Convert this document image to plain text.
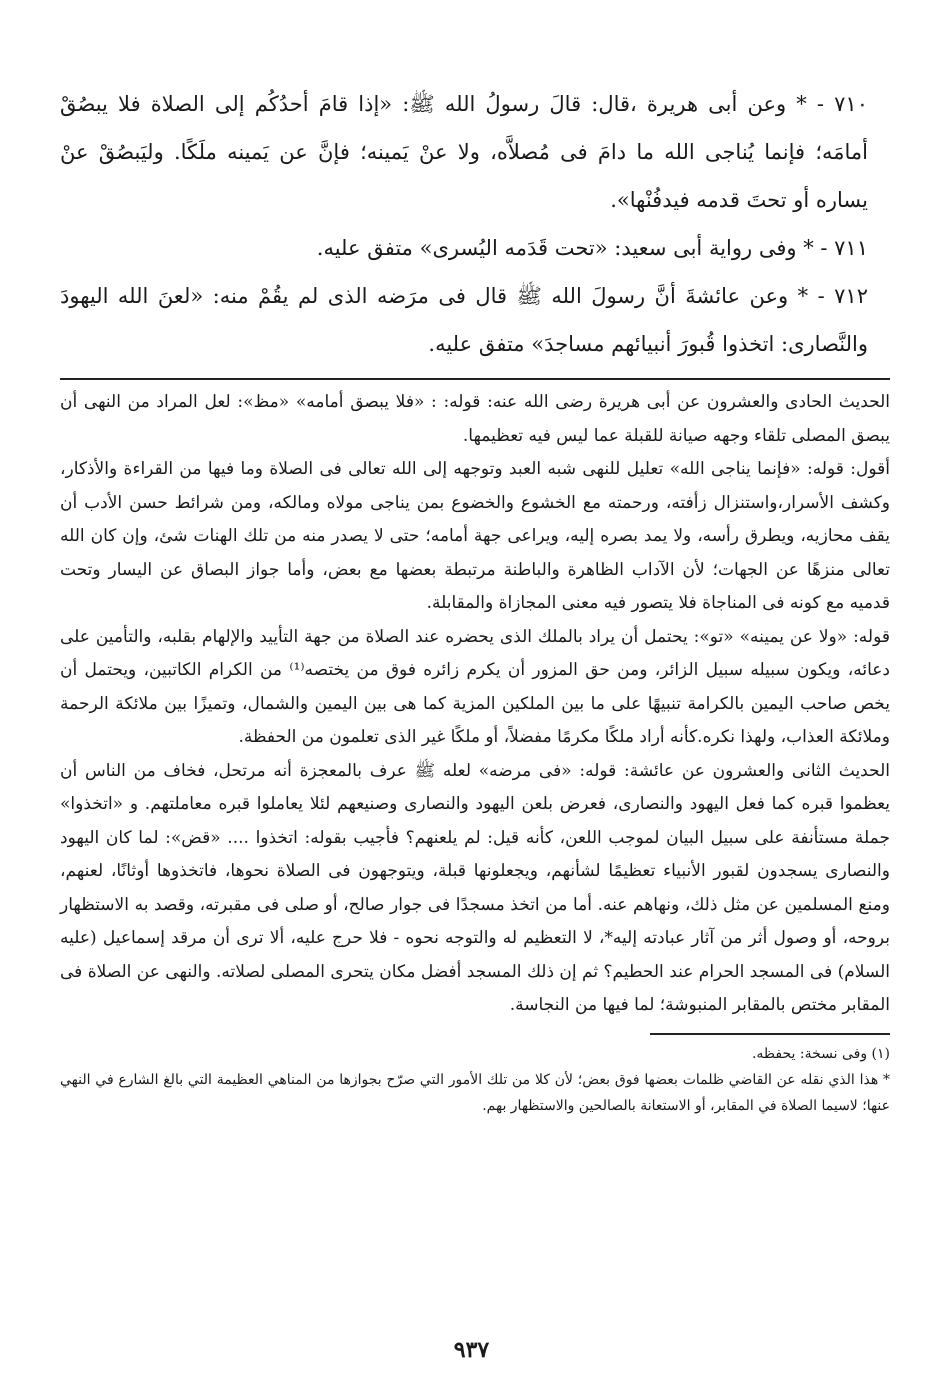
٧١٠ - * وعن أبى هريرة ،قال: قالَ رسولُ الله ﷺ: «إذا قامَ أحدُكُم إلى الصلاة فلا يبصُقْ أمامَه؛ فإنما يُناجى الله ما دامَ فى مُصلاَّه، ولا عنْ يَمينه؛ فإنَّ عن يَمينه ملَكًا. وليَبصُقْ عنْ يساره أو تحتَ قدمه فيدفُنْها».

٧١١ - * وفى رواية أبى سعيد: «تحت قَدَمه اليُسرى» متفق عليه.

٧١٢ - * وعن عائشةَ أنَّ رسولَ الله ﷺ قال فى مرَضه الذى لم يقُمْ منه: «لعنَ الله اليهودَ والنَّصارى: اتخذوا قُبورَ أنبيائهم مساجدَ» متفق عليه.

الحديث الحادى والعشرون عن أبى هريرة رضى الله عنه: قوله: : «فلا يبصق أمامه» «مظ»: لعل المراد من النهى أن يبصق المصلى تلقاء وجهه صيانة للقبلة عما ليس فيه تعظيمها.

أقول: قوله: «فإنما يناجى الله» تعليل للنهى شبه العبد وتوجهه إلى الله تعالى فى الصلاة وما فيها من القراءة والأذكار، وكشف الأسرار،واستنزال زأفته، ورحمته مع الخشوع والخضوع بمن يناجى مولاه ومالكه، ومن شرائط حسن الأدب أن يقف محازيه، ويطرق رأسه، ولا يمد بصره إليه، ويراعى جهة أمامه؛ حتى لا يصدر منه من تلك الهنات شئ، وإن كان الله تعالى منزهًا عن الجهات؛ لأن الآداب الظاهرة والباطنة مرتبطة بعضها مع بعض، وأما جواز البصاق عن اليسار وتحت قدميه مع كونه فى المناجاة فلا يتصور فيه معنى المجازاة والمقابلة.

قوله: «ولا عن يمينه» «تو»: يحتمل أن يراد بالملك الذى يحضره عند الصلاة من جهة التأييد والإلهام بقلبه، والتأمين على دعائه، ويكون سبيله سبيل الزائر، ومن حق المزور أن يكرم زائره فوق من يختصه⁽¹⁾ من الكرام الكاتبين، ويحتمل أن يخص صاحب اليمين بالكرامة تنبيهًا على ما بين الملكين المزية كما هى بين اليمين والشمال، وتميزًا بين ملائكة الرحمة وملائكة العذاب، ولهذا نكره.كأنه أراد ملكًا مكرمًا مفضلاً، أو ملكًا غير الذى تعلمون من الحفظة.

الحديث الثانى والعشرون عن عائشة: قوله: «فى مرضه» لعله ﷺ عرف بالمعجزة أنه مرتحل، فخاف من الناس أن يعظموا قبره كما فعل اليهود والنصارى، فعرض بلعن اليهود والنصارى وصنيعهم لئلا يعاملوا قبره معاملتهم. و «اتخذوا» جملة مستأنفة على سبيل البيان لموجب اللعن، كأنه قيل: لم يلعنهم؟ فأجيب بقوله: اتخذوا .... «قض»: لما كان اليهود والنصارى يسجدون لقبور الأنبياء تعظيمًا لشأنهم، ويجعلونها قبلة، ويتوجهون فى الصلاة نحوها، فاتخذوها أوثانًا، لعنهم، ومنع المسلمين عن مثل ذلك، ونهاهم عنه. أما من اتخذ مسجدًا فى جوار صالح، أو صلى فى مقبرته، وقصد به الاستظهار بروحه، أو وصول أثر من آثار عبادته إليه*، لا التعظيم له والتوجه نحوه - فلا حرج عليه، ألا ترى أن مرقد إسماعيل (عليه السلام) فى المسجد الحرام عند الحطيم؟ ثم إن ذلك المسجد أفضل مكان يتحرى المصلى لصلاته. والنهى عن الصلاة فى المقابر مختص بالمقابر المنبوشة؛ لما فيها من النجاسة.

(١) وفى نسخة: يحفظه.

* هذا الذي نقله عن القاضي ظلمات بعضها فوق بعض؛ لأن كلا من تلك الأمور التي صرّح بجوازها من المناهي العظيمة التي بالغ الشارع في النهي عنها؛ لاسيما الصلاة في المقابر، أو الاستعانة بالصالحين والاستظهار بهم.

٩٣٧
